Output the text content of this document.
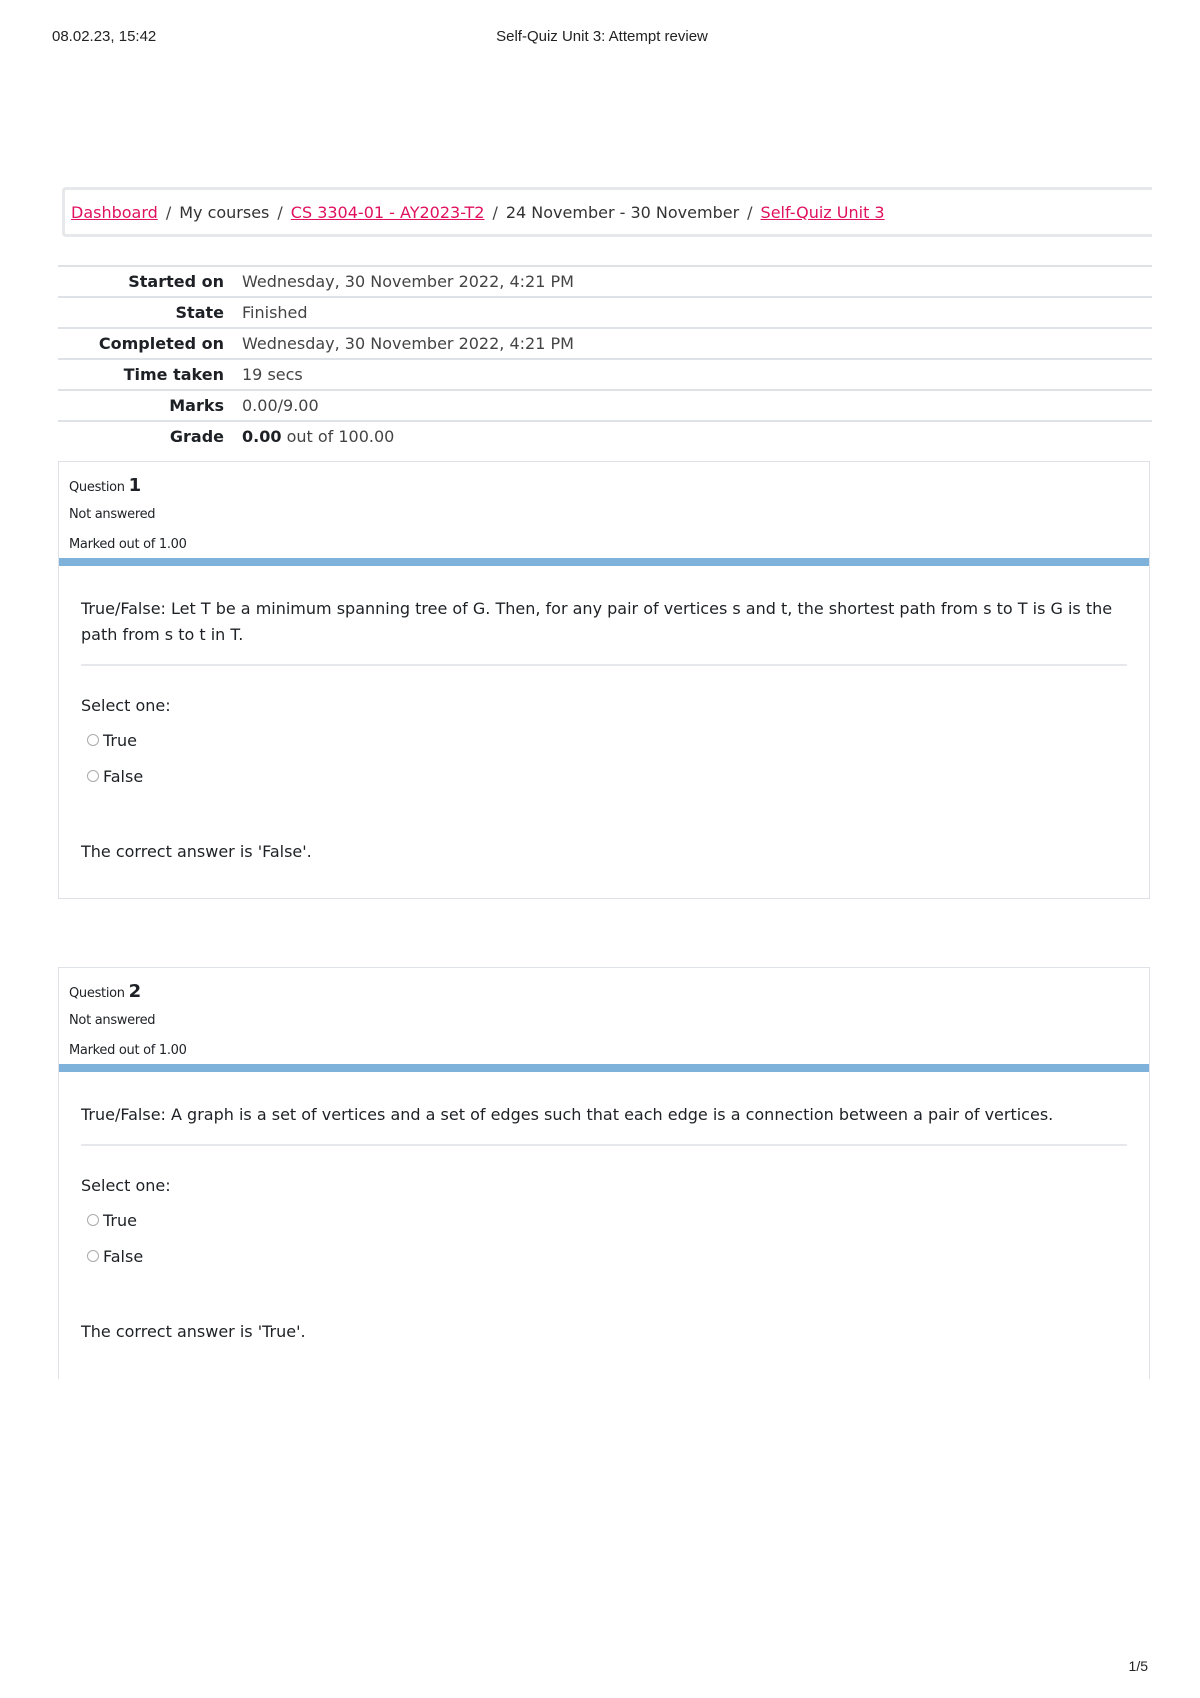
08.02.23, 15:42	Self-Quiz Unit 3: Attempt review
Dashboard / My courses / CS 3304-01 - AY2023-T2 / 24 November - 30 November / Self-Quiz Unit 3
Started on	Wednesday, 30 November 2022, 4:21 PM
State	Finished
Completed on	Wednesday, 30 November 2022, 4:21 PM
Time taken	19 secs
Marks	0.00/9.00
Grade	0.00 out of 100.00
Question 1
Not answered
Marked out of 1.00
True/False: Let T be a minimum spanning tree of G. Then, for any pair of vertices s and t, the shortest path from s to T is G is the path from s to t in T.
Select one:
True
False
The correct answer is 'False'.
Question 2
Not answered
Marked out of 1.00
True/False: A graph is a set of vertices and a set of edges such that each edge is a connection between a pair of vertices.
Select one:
True
False
The correct answer is 'True'.
1/5
